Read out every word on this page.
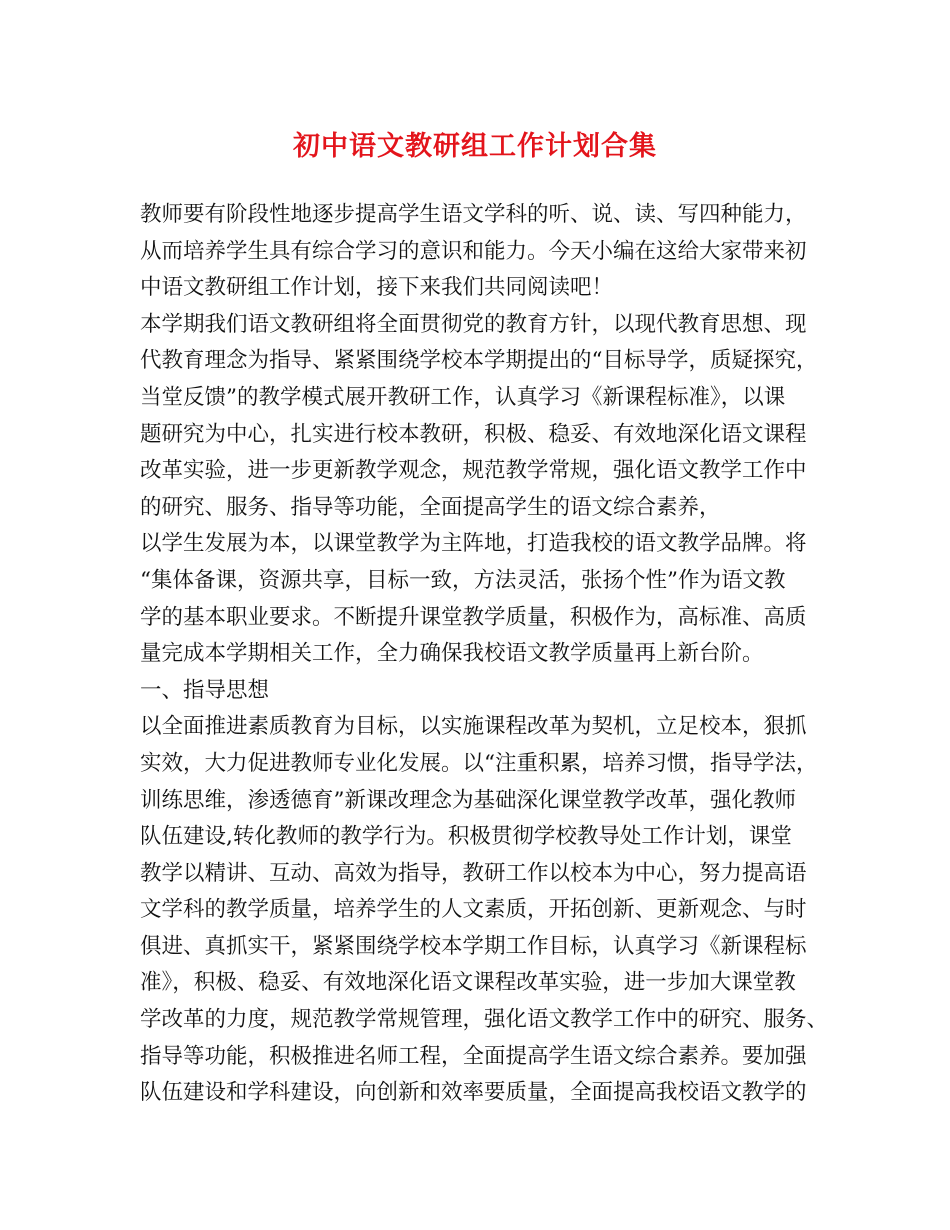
初中语文教研组工作计划合集
教师要有阶段性地逐步提高学生语文学科的听、说、读、写四种能力，
从而培养学生具有综合学习的意识和能力。今天小编在这给大家带来初
中语文教研组工作计划，接下来我们共同阅读吧！
本学期我们语文教研组将全面贯彻党的教育方针，以现代教育思想、现
代教育理念为指导、紧紧围绕学校本学期提出的“目标导学，质疑探究，
当堂反馈”的教学模式展开教研工作，认真学习《新课程标准》，以课
题研究为中心，扎实进行校本教研，积极、稳妥、有效地深化语文课程
改革实验，进一步更新教学观念，规范教学常规，强化语文教学工作中
的研究、服务、指导等功能，全面提高学生的语文综合素养，
以学生发展为本，以课堂教学为主阵地，打造我校的语文教学品牌。将
“集体备课，资源共享，目标一致，方法灵活，张扬个性”作为语文教
学的基本职业要求。不断提升课堂教学质量，积极作为，高标准、高质
量完成本学期相关工作，全力确保我校语文教学质量再上新台阶。
一、指导思想
以全面推进素质教育为目标，以实施课程改革为契机，立足校本，狠抓
实效，大力促进教师专业化发展。以“注重积累，培养习惯，指导学法，
训练思维，渗透德育”新课改理念为基础深化课堂教学改革，强化教师
队伍建设,转化教师的教学行为。积极贯彻学校教导处工作计划，课堂
教学以精讲、互动、高效为指导，教研工作以校本为中心，努力提高语
文学科的教学质量，培养学生的人文素质，开拓创新、更新观念、与时
俱进、真抓实干，紧紧围绕学校本学期工作目标，认真学习《新课程标
准》，积极、稳妥、有效地深化语文课程改革实验，进一步加大课堂教
学改革的力度，规范教学常规管理，强化语文教学工作中的研究、服务、
指导等功能，积极推进名师工程，全面提高学生语文综合素养。要加强
队伍建设和学科建设，向创新和效率要质量，全面提高我校语文教学的
